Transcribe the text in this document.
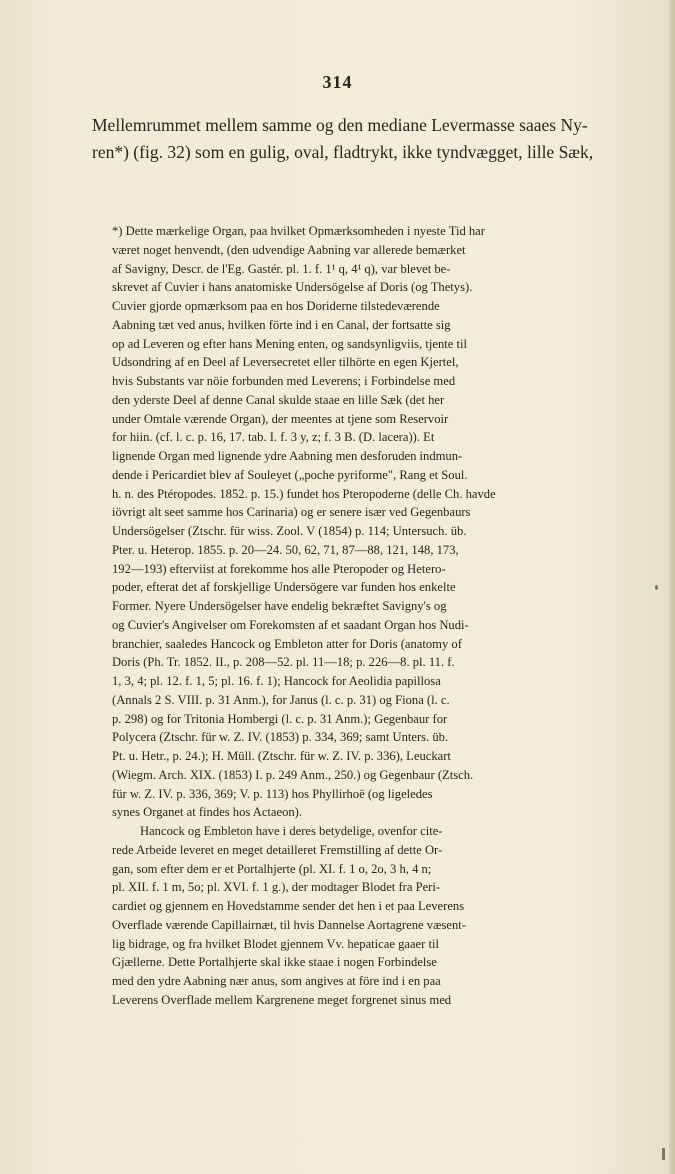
314
Mellemrummet mellem samme og den mediane Levermasse saaes Ny-
ren*) (fig. 32) som en gulig, oval, fladtrykt, ikke tyndvægget, lille Sæk,
*) Dette mærkelige Organ, paa hvilket Opmærksomheden i nyeste Tid har
været noget henvendt, (den udvendige Aabning var allerede bemærket
af Savigny, Descr. de l'Eg. Gastér. pl. 1. f. 1¹ q, 4¹ q), var blevet be-
skrevet af Cuvier i hans anatomiske Undersögelse af Doris (og Thetys).
Cuvier gjorde opmærksom paa en hos Doriderne tilstedeværende
Aabning tæt ved anus, hvilken förte ind i en Canal, der fortsatte sig
op ad Leveren og efter hans Mening enten, og sandsynligviis, tjente til
Udsondring af en Deel af Leversecretet eller tilhörte en egen Kjertel,
hvis Substants var nöie forbunden med Leverens; i Forbindelse med
den yderste Deel af denne Canal skulde staae en lille Sæk (det her
under Omtale værende Organ), der meentes at tjene som Reservoir
for hiin. (cf. l. c. p. 16, 17. tab. I. f. 3 y, z; f. 3 B. (D. lacera)). Et
lignende Organ med lignende ydre Aabning men desforuden indmun-
dende i Pericardiet blev af Souleyet („poche pyriforme", Rang et Soul.
h. n. des Ptéropodes. 1852. p. 15.) fundet hos Pteropoderne (delle Ch. havde
iövrigt alt seet samme hos Carinaria) og er senere især ved Gegenbaurs
Undersögelser (Ztschr. für wiss. Zool. V (1854) p. 114; Untersuch. üb.
Pter. u. Heterop. 1855. p. 20—24. 50, 62, 71, 87—88, 121, 148, 173,
192—193) efterviist at forekomme hos alle Pteropoder og Hetero-
poder, efterat det af forskjellige Undersögere var funden hos enkelte
Former. Nyere Undersögelser have endelig bekræftet Savigny's og
og Cuvier's Angivelser om Forekomsten af et saadant Organ hos Nudi-
branchier, saaledes Hancock og Embleton atter for Doris (anatomy of
Doris (Ph. Tr. 1852. II., p. 208—52. pl. 11—18; p. 226—8. pl. 11. f.
1, 3, 4; pl. 12. f. 1, 5; pl. 16. f. 1); Hancock for Aeolidia papillosa
(Annals 2 S. VIII. p. 31 Anm.), for Janus (l. c. p. 31) og Fiona (l. c.
p. 298) og for Tritonia Hombergi (l. c. p. 31 Anm.); Gegenbaur for
Polycera (Ztschr. für w. Z. IV. (1853) p. 334, 369; samt Unters. üb.
Pt. u. Hetr., p. 24.); H. Müll. (Ztschr. für w. Z. IV. p. 336), Leuckart
(Wiegm. Arch. XIX. (1853) I. p. 249 Anm., 250.) og Gegenbaur (Ztsch.
für w. Z. IV. p. 336, 369; V. p. 113) hos Phyllirhoë (og ligeledes
synes Organet at findes hos Actaeon).
Hancock og Embleton have i deres betydelige, ovenfor cite-
rede Arbeide leveret en meget detailleret Fremstilling af dette Or-
gan, som efter dem er et Portalhjerte (pl. XI. f. 1 o, 2o, 3 h, 4 n;
pl. XII. f. 1 m, 5o; pl. XVI. f. 1 g.), der modtager Blodet fra Peri-
cardiet og gjennem en Hovedstamme sender det hen i et paa Leverens
Overflade værende Capillairnæt, til hvis Dannelse Aortagrene væsent-
lig bidrage, og fra hvilket Blodet gjennem Vv. hepaticae gaaer til
Gjællerne. Dette Portalhjerte skal ikke staae i nogen Forbindelse
med den ydre Aabning nær anus, som angives at före ind i en paa
Leverens Overflade mellem Kargrenene meget forgrenet sinus med
